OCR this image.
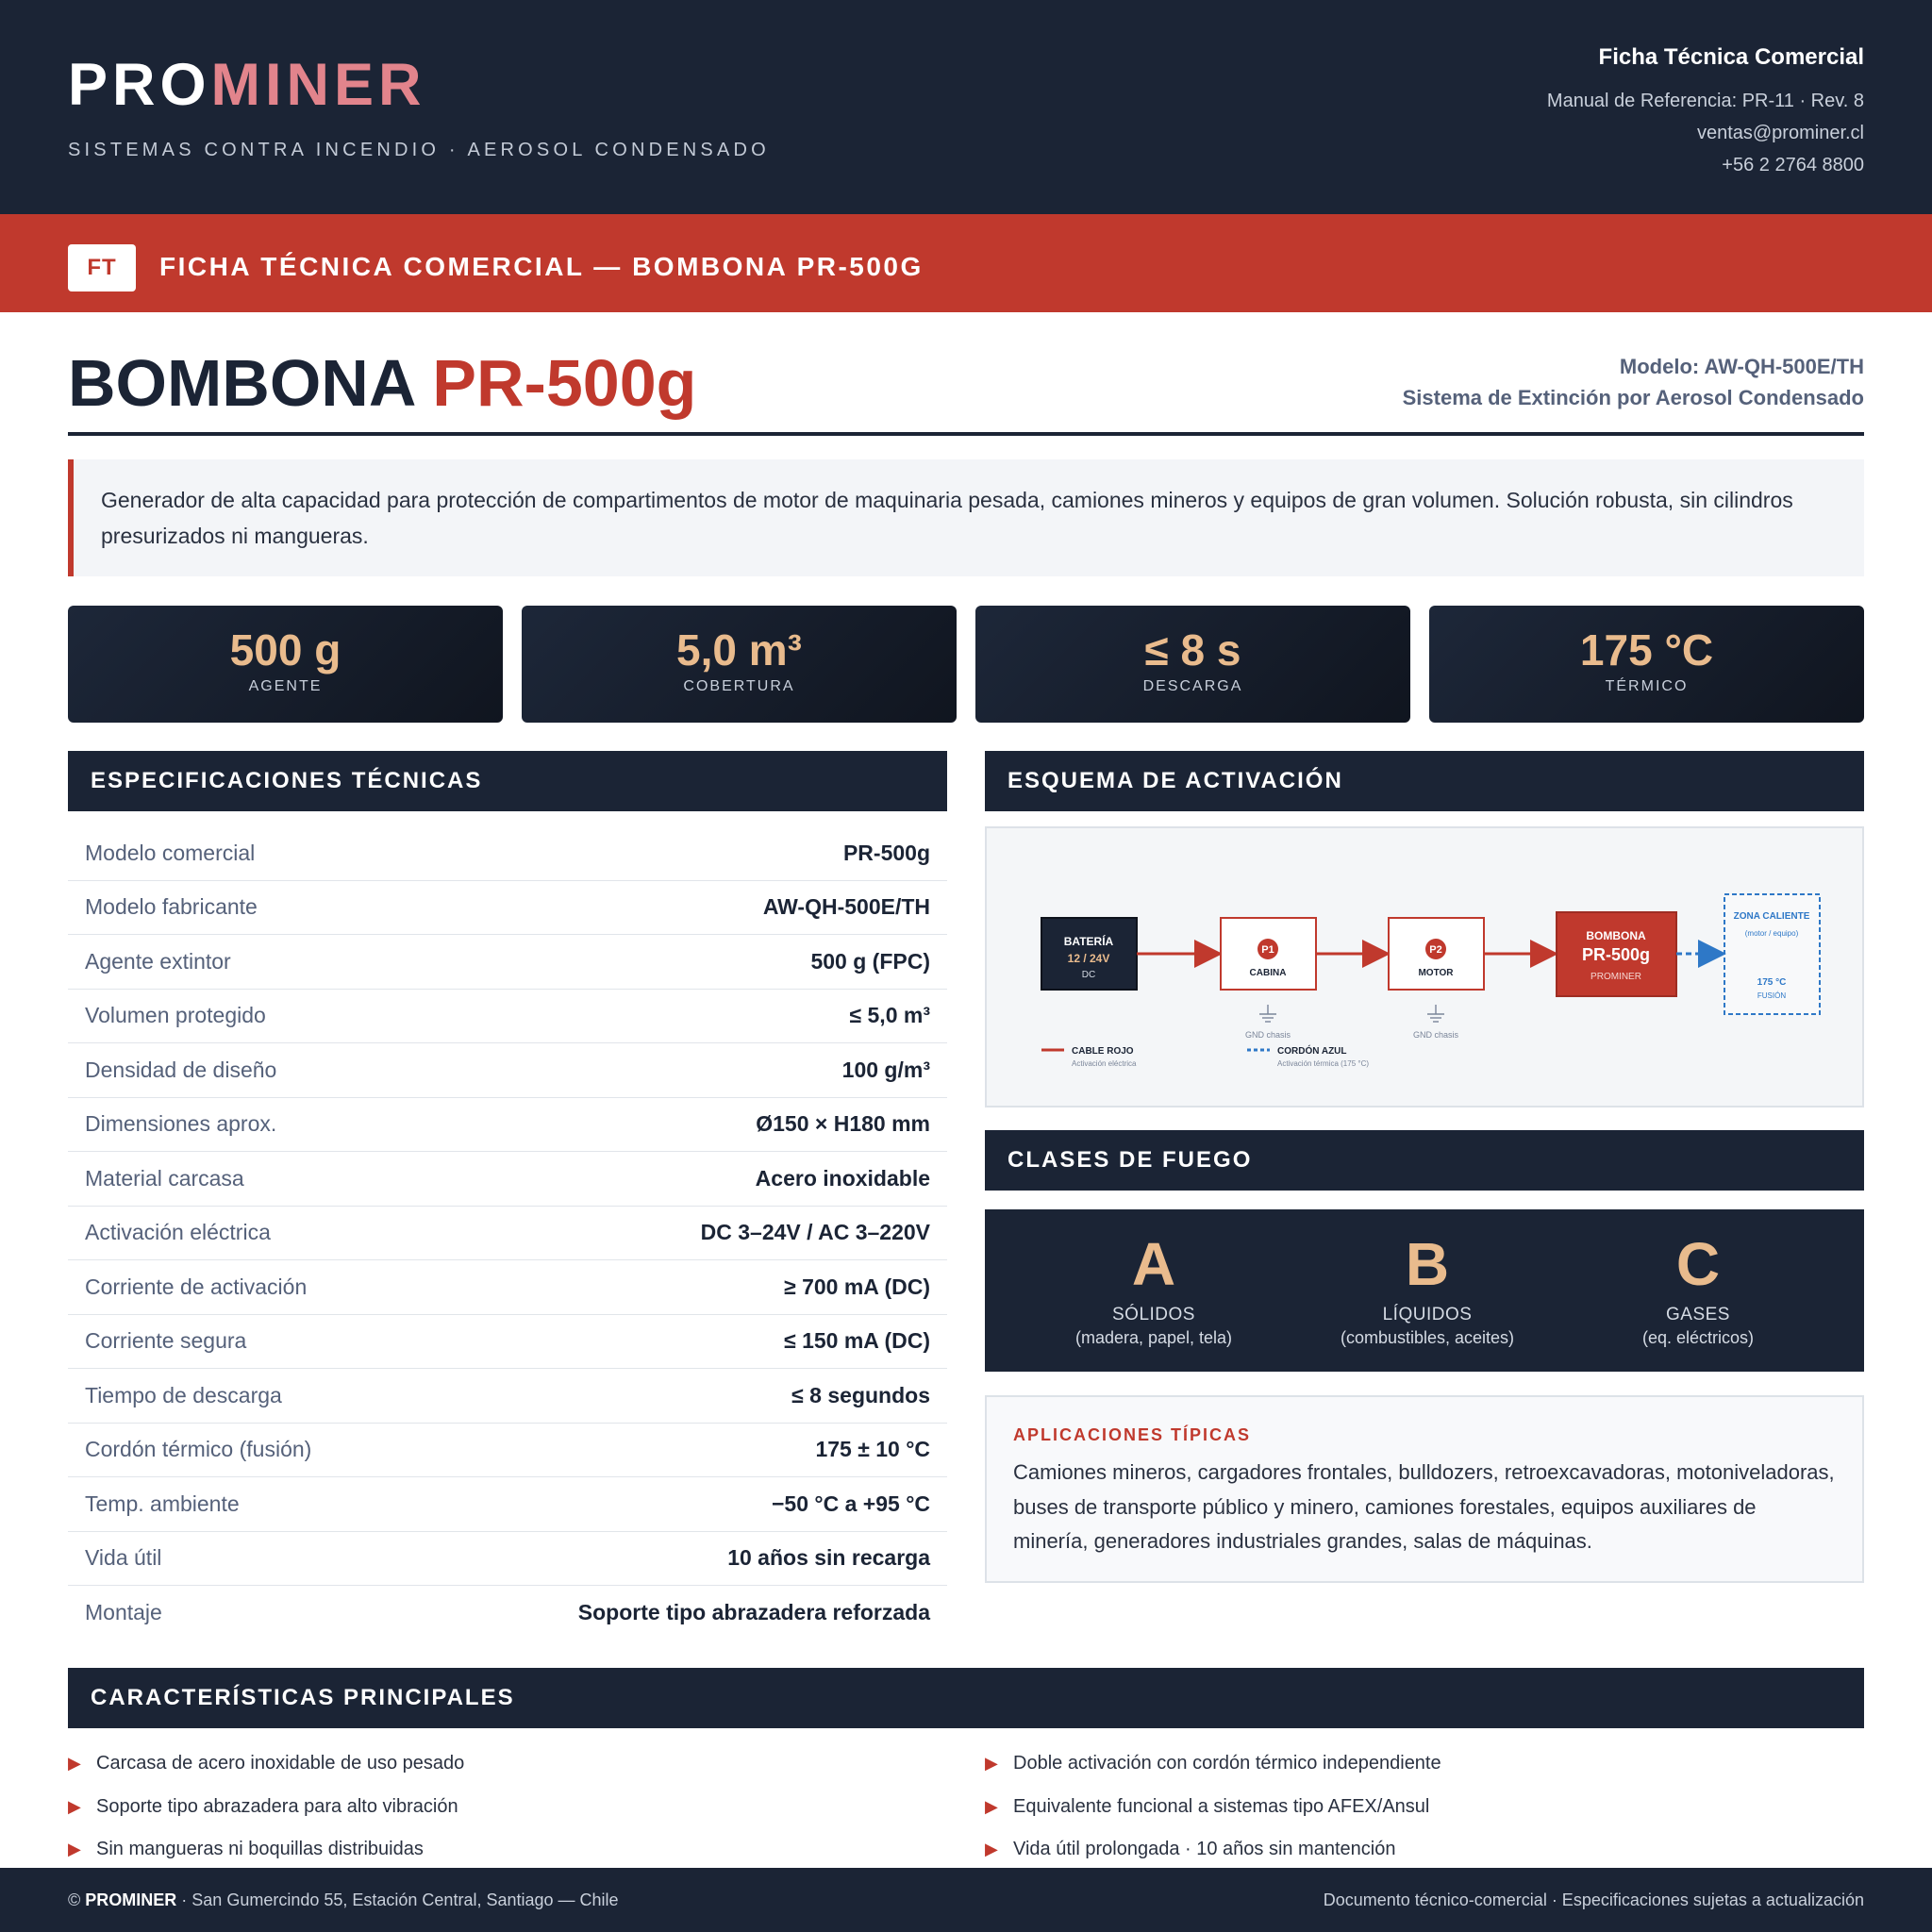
PROMINER
SISTEMAS CONTRA INCENDIO · AEROSOL CONDENSADO
Ficha Técnica Comercial
Manual de Referencia: PR-11 · Rev. 8
ventas@prominer.cl
+56 2 2764 8800
FT	FICHA TÉCNICA COMERCIAL — BOMBONA PR-500G
BOMBONA PR-500g	Modelo: AW-QH-500E/TH
Sistema de Extinción por Aerosol Condensado
Generador de alta capacidad para protección de compartimentos de motor de maquinaria pesada, camiones mineros y equipos de gran volumen. Solución robusta, sin cilindros presurizados ni mangueras.
500 g
AGENTE
5,0 m³
COBERTURA
≤ 8 s
DESCARGA
175 °C
TÉRMICO
ESPECIFICACIONES TÉCNICAS
Modelo comercial	PR-500g
Modelo fabricante	AW-QH-500E/TH
Agente extintor	500 g (FPC)
Volumen protegido	≤ 5,0 m³
Densidad de diseño	100 g/m³
Dimensiones aprox.	Ø150 × H180 mm
Material carcasa	Acero inoxidable
Activación eléctrica	DC 3–24V / AC 3–220V
Corriente de activación	≥ 700 mA (DC)
Corriente segura	≤ 150 mA (DC)
Tiempo de descarga	≤ 8 segundos
Cordón térmico (fusión)	175 ± 10 °C
Temp. ambiente	−50 °C a +95 °C
Vida útil	10 años sin recarga
Montaje	Soporte tipo abrazadera reforzada
ESQUEMA DE ACTIVACIÓN
BATERÍA
12 / 24V
DC
P1
CABINA
P2
MOTOR
GND chasis	GND chasis
BOMBONA
PR-500g
PROMINER
ZONA CALIENTE
(motor / equipo)
175 °C
FUSIÓN
CABLE ROJO
Activación eléctrica
CORDÓN AZUL
Activación térmica (175 °C)
CLASES DE FUEGO
A
SÓLIDOS
(madera, papel, tela)
B
LÍQUIDOS
(combustibles, aceites)
C
GASES
(eq. eléctricos)
APLICACIONES TÍPICAS
Camiones mineros, cargadores frontales, bulldozers, retroexcavadoras, motoniveladoras, buses de transporte público y minero, camiones forestales, equipos auxiliares de minería, generadores industriales grandes, salas de máquinas.
CARACTERÍSTICAS PRINCIPALES
▶ Carcasa de acero inoxidable de uso pesado
▶ Soporte tipo abrazadera para alto vibración
▶ Sin mangueras ni boquillas distribuidas
▶ Doble activación con cordón térmico independiente
▶ Equivalente funcional a sistemas tipo AFEX/Ansul
▶ Vida útil prolongada · 10 años sin mantención
© PROMINER · San Gumercindo 55, Estación Central, Santiago — Chile	Documento técnico-comercial · Especificaciones sujetas a actualización
